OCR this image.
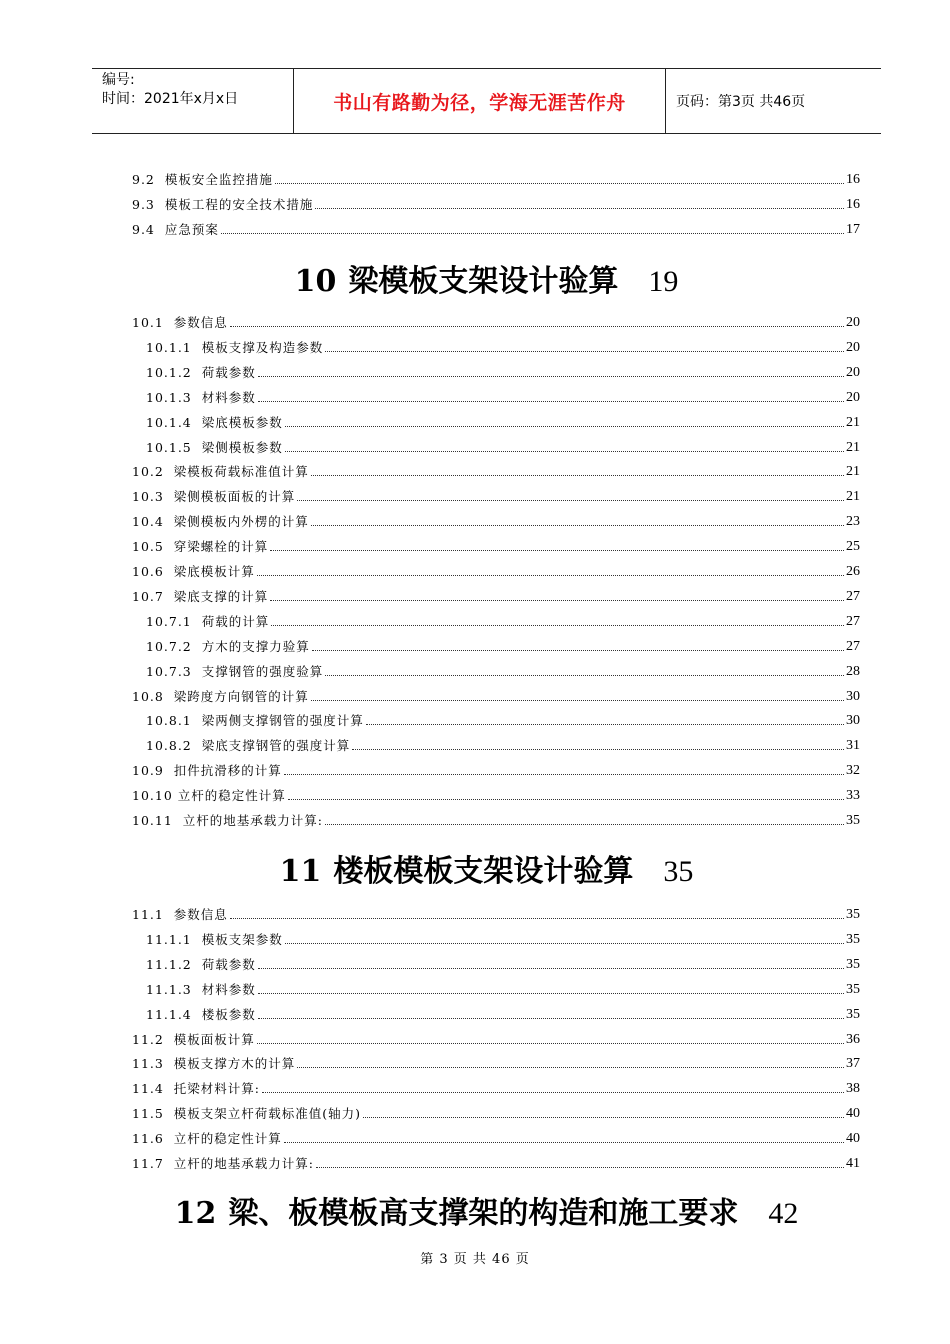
编号:
时间：2021年x月x日	书山有路勤为径，学海无涯苦作舟	页码：第3页 共46页
9.2  模板安全监控措施	16
9.3  模板工程的安全技术措施	16
9.4  应急预案	17
10 梁模板支架设计验算 19
10.1  参数信息	20
10.1.1  模板支撑及构造参数	20
10.1.2  荷载参数	20
10.1.3  材料参数	20
10.1.4  梁底模板参数	21
10.1.5  梁侧模板参数	21
10.2  梁模板荷载标准值计算	21
10.3  梁侧模板面板的计算	21
10.4  梁侧模板内外楞的计算	23
10.5  穿梁螺栓的计算	25
10.6  梁底模板计算	26
10.7  梁底支撑的计算	27
10.7.1  荷载的计算	27
10.7.2  方木的支撑力验算	27
10.7.3  支撑钢管的强度验算	28
10.8  梁跨度方向钢管的计算	30
10.8.1  梁两侧支撑钢管的强度计算	30
10.8.2  梁底支撑钢管的强度计算	31
10.9  扣件抗滑移的计算	32
10.10 立杆的稳定性计算	33
10.11  立杆的地基承载力计算:	35
11 楼板模板支架设计验算 35
11.1  参数信息	35
11.1.1  模板支架参数	35
11.1.2  荷载参数	35
11.1.3  材料参数	35
11.1.4  楼板参数	35
11.2  模板面板计算	36
11.3  模板支撑方木的计算	37
11.4  托梁材料计算:	38
11.5  模板支架立杆荷载标准值(轴力)	40
11.6  立杆的稳定性计算	40
11.7  立杆的地基承载力计算:	41
12 梁、板模板高支撑架的构造和施工要求 42
第 3 页 共 46 页
